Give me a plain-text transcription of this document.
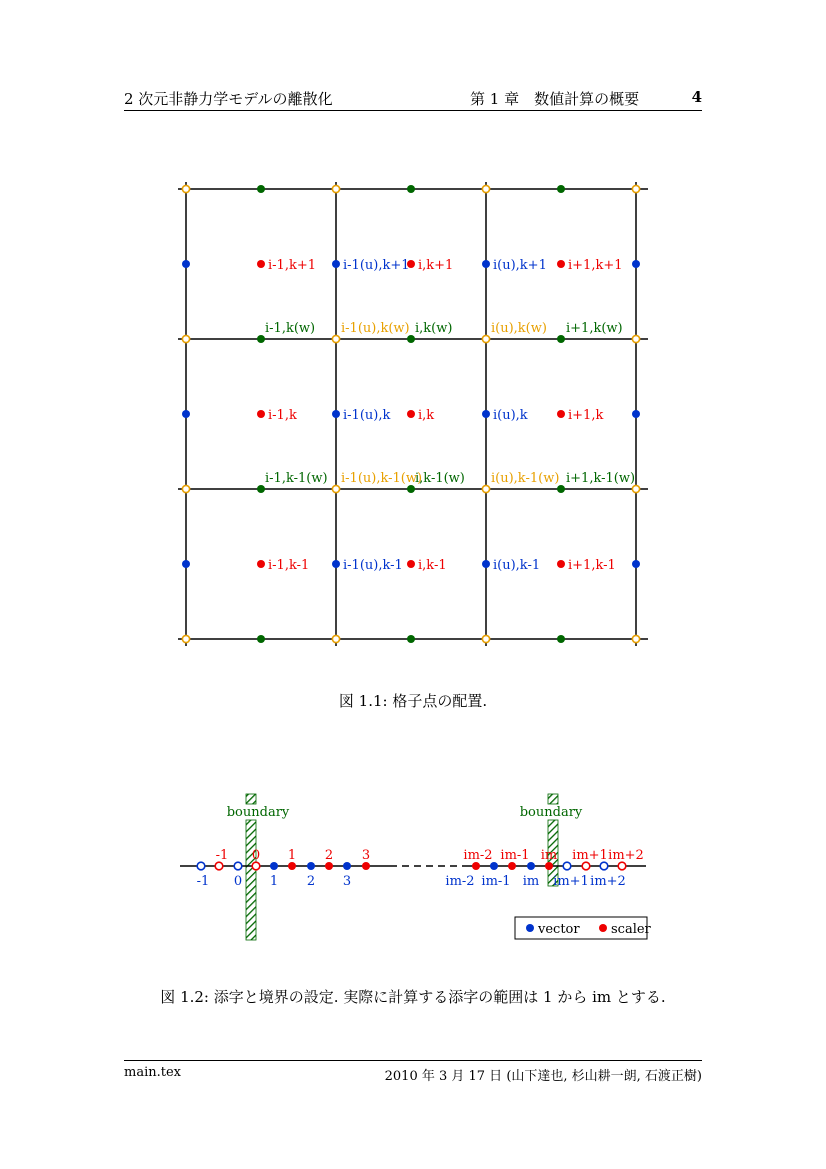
2 次元非静力学モデルの離散化	第 1 章　数値計算の概要	4
i-1,k+1	i,k+1	i+1,k+1
i-1,k	i,k	i+1,k
i-1,k-1	i,k-1	i+1,k-1
i-1(u),k+1	i(u),k+1
i-1(u),k	i(u),k
i-1(u),k-1	i(u),k-1
i-1,k(w)	i,k(w)	i+1,k(w)
i-1,k-1(w)	i,k-1(w)	i+1,k-1(w)
i-1(u),k(w)	i(u),k(w)
i-1(u),k-1(w)	i(u),k-1(w)
図 1.1: 格子点の配置.
boundary	boundary
-1 0 1 2 3
-1 0 1 2 3
im-2 im-1 im im+1 im+2
im-2 im-1 im im+1 im+2
vector scaler
図 1.2: 添字と境界の設定. 実際に計算する添字の範囲は 1 から im とする.
main.tex	2010 年 3 月 17 日 (山下達也, 杉山耕一朗, 石渡正樹)
